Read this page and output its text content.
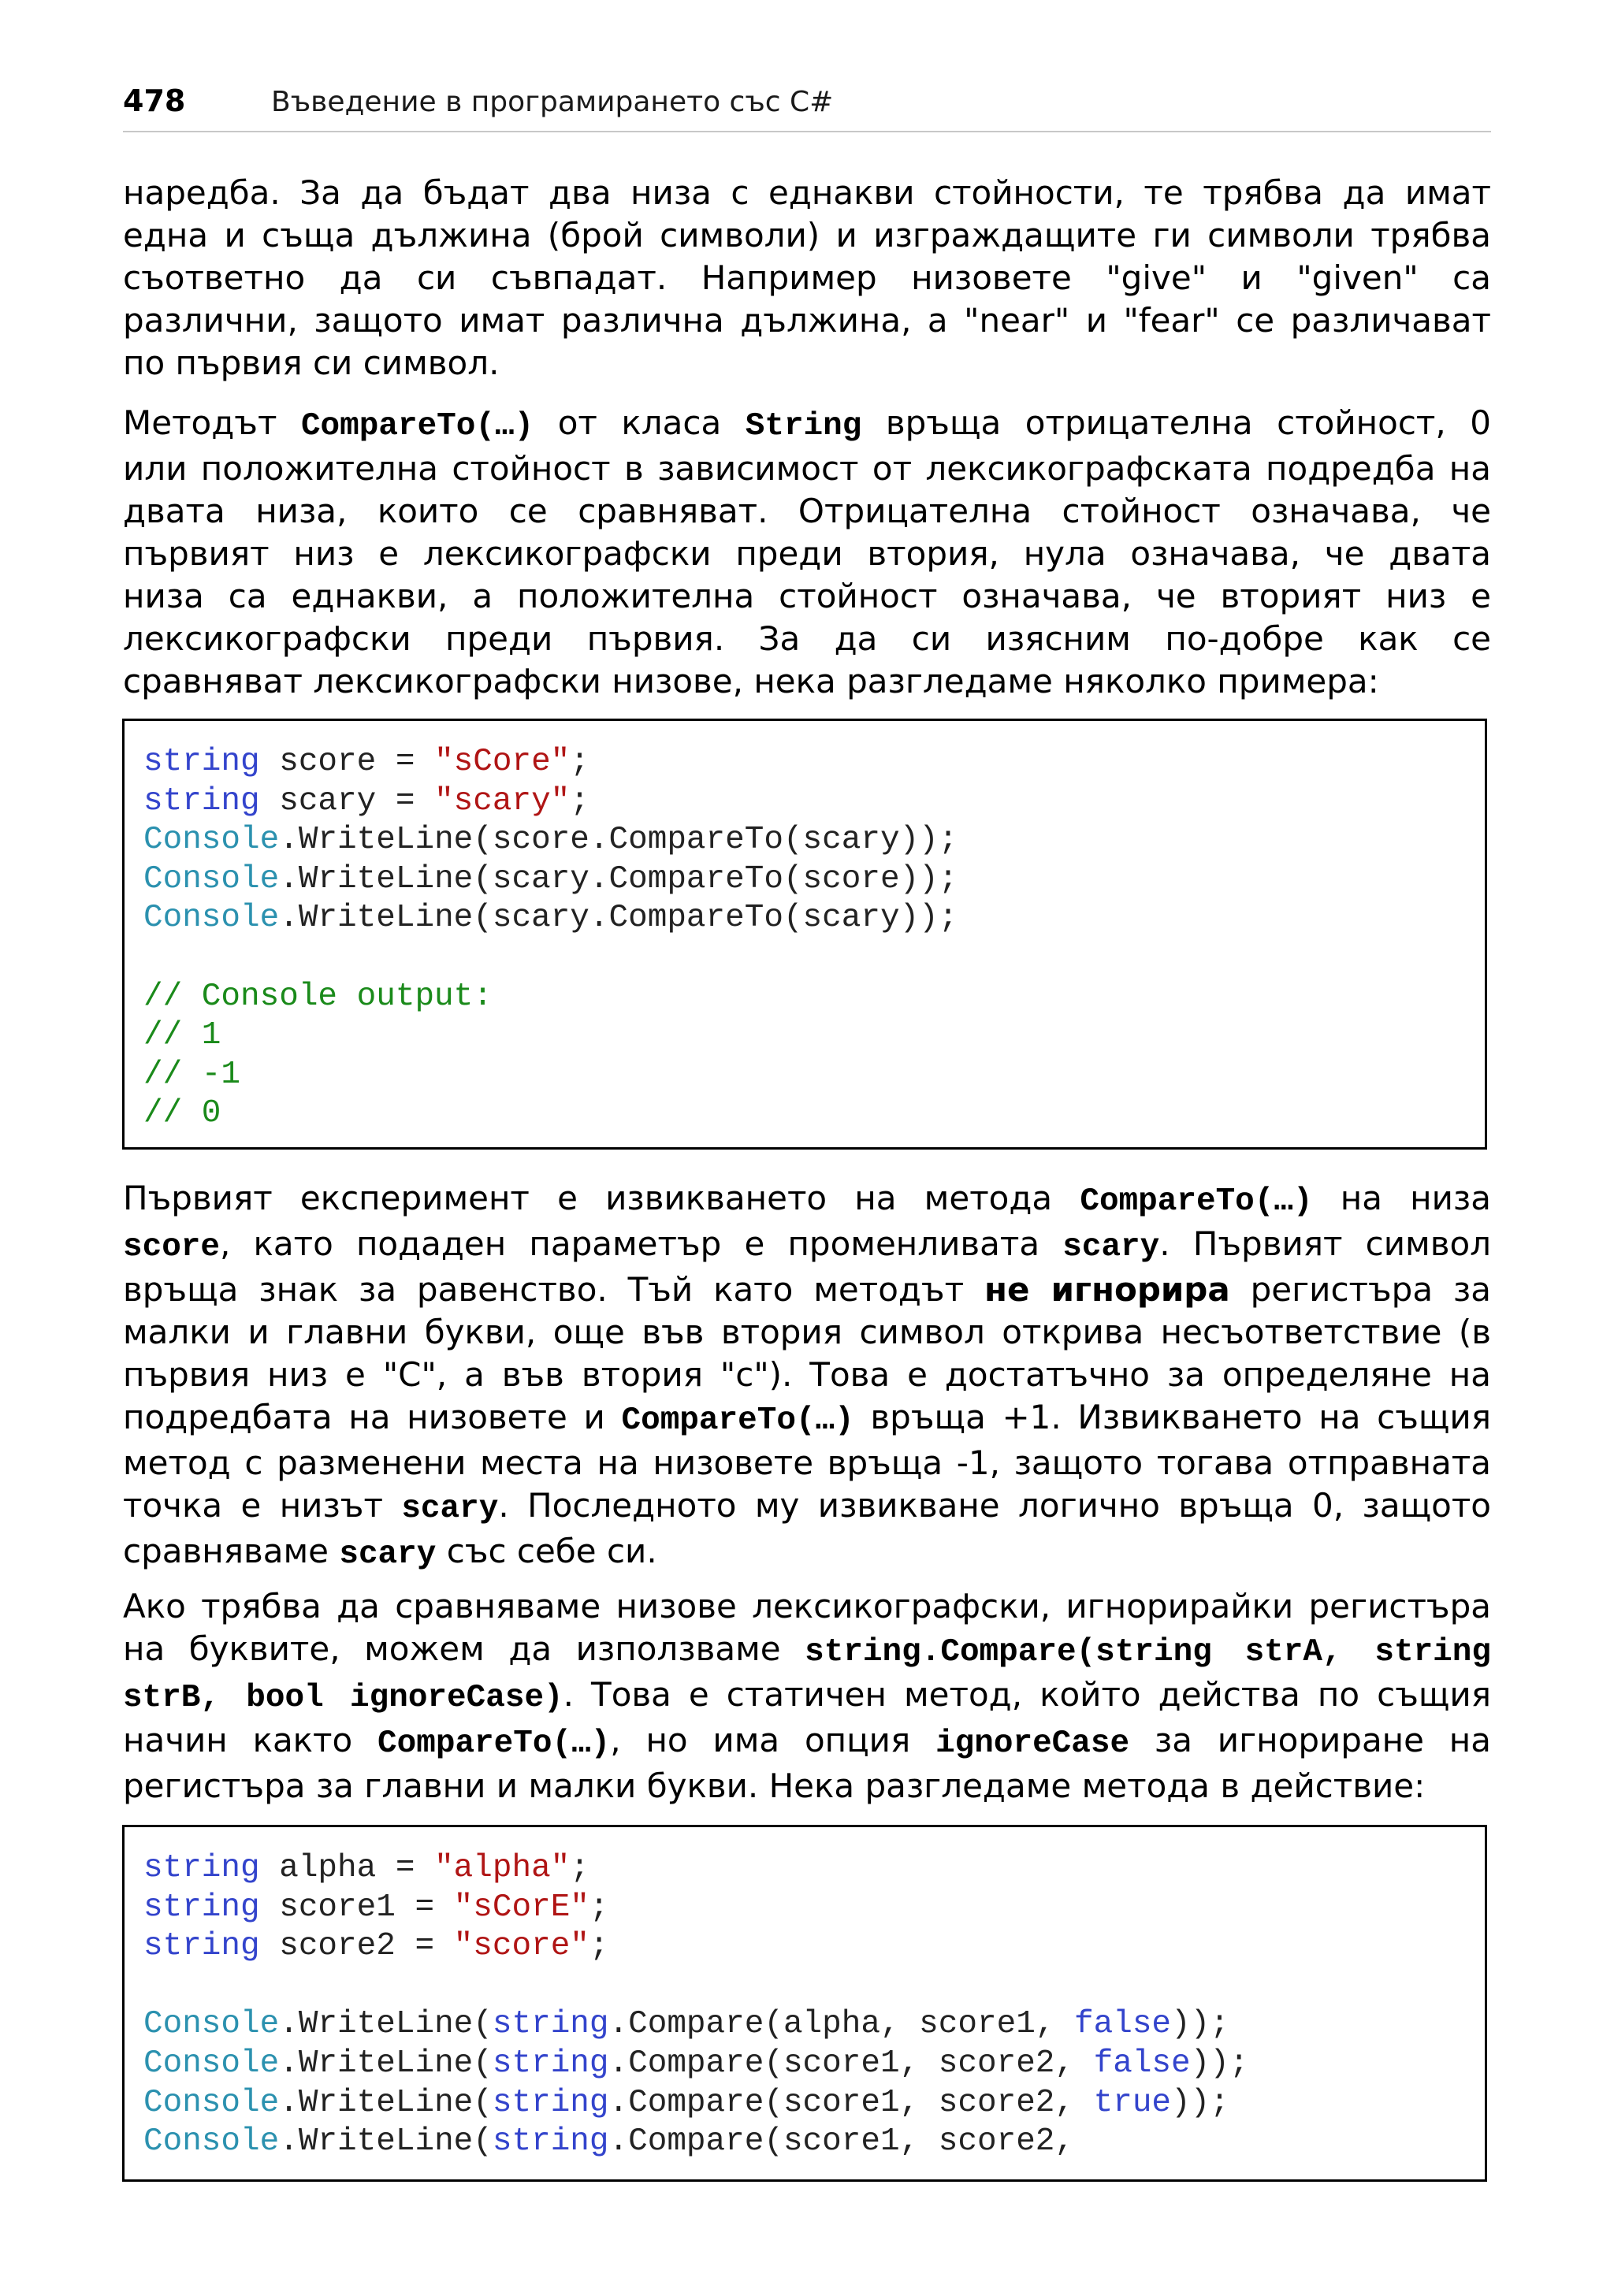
478	Въведение в програмирането със C#
наредба. За да бъдат два низа с еднакви стойности, те трябва да имат
една и съща дължина (брой символи) и изграждащите ги символи трябва
съответно да си съвпадат. Например низовете "give" и "given" са
различни, защото имат различна дължина, а "near" и "fear" се различават
по първия си символ.
Методът CompareTo(…) от класа String връща отрицателна стойност, 0
или положителна стойност в зависимост от лексикографската подредба на
двата низа, които се сравняват. Отрицателна стойност означава, че
първият низ е лексикографски преди втория, нула означава, че двата
низа са еднакви, а положителна стойност означава, че вторият низ е
лексикографски преди първия. За да си изясним по-добре как се
сравняват лексикографски низове, нека разгледаме няколко примера:
string score = "sCore";
string scary = "scary";
Console.WriteLine(score.CompareTo(scary));
Console.WriteLine(scary.CompareTo(score));
Console.WriteLine(scary.CompareTo(scary));
// Console output:
// 1
// -1
// 0
Първият експеримент е извикването на метода CompareTo(…) на низа
score, като подаден параметър е променливата scary. Първият символ
връща знак за равенство. Тъй като методът не игнорира регистъра за
малки и главни букви, още във втория символ открива несъответствие (в
първия низ е "C", а във втория "c"). Това е достатъчно за определяне на
подредбата на низовете и CompareTo(…) връща +1. Извикването на същия
метод с разменени места на низовете връща -1, защото тогава отправната
точка е низът scary. Последното му извикване логично връща 0, защото
сравняваме scary със себе си.
Ако трябва да сравняваме низове лексикографски, игнорирайки регистъра
на буквите, можем да използваме string.Compare(string strA, string
strB, bool ignoreCase). Това е статичен метод, който действа по същия
начин както CompareTo(…), но има опция ignoreCase за игнориране на
регистъра за главни и малки букви. Нека разгледаме метода в действие:
string alpha = "alpha";
string score1 = "sCorE";
string score2 = "score";
Console.WriteLine(string.Compare(alpha, score1, false));
Console.WriteLine(string.Compare(score1, score2, false));
Console.WriteLine(string.Compare(score1, score2, true));
Console.WriteLine(string.Compare(score1, score2,
